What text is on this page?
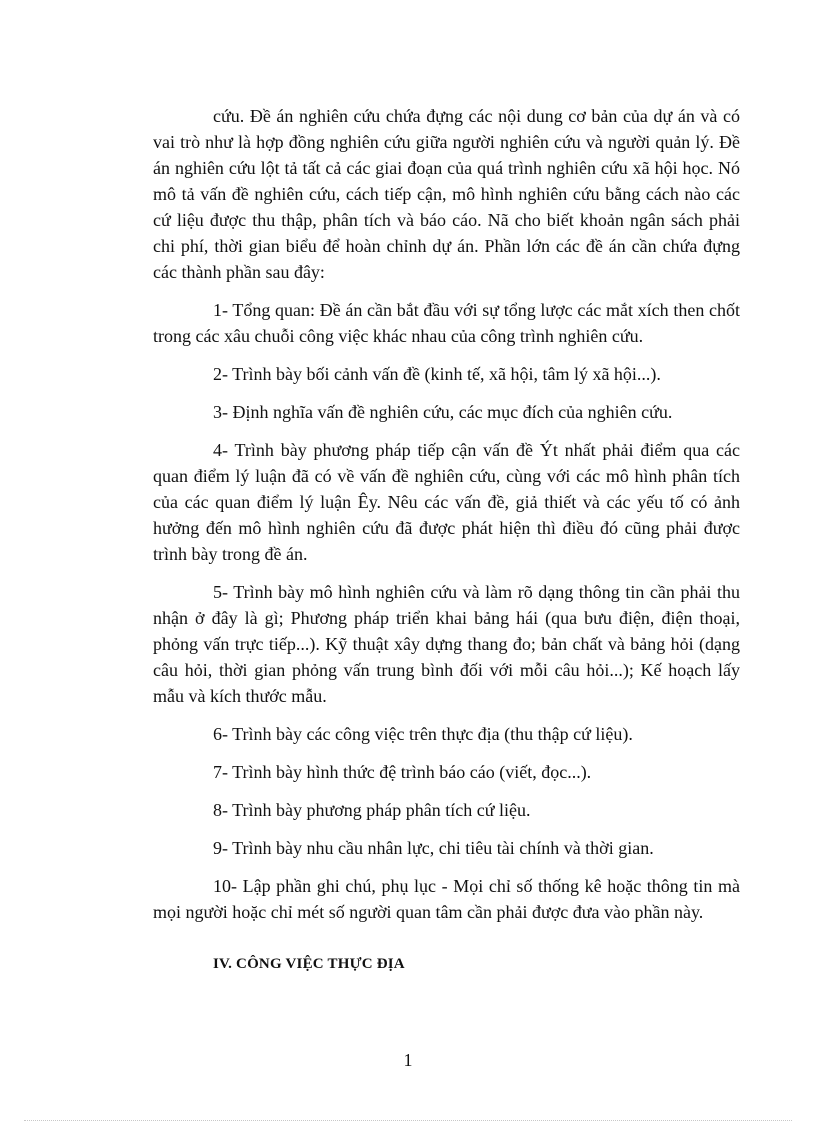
cứu. Đề án nghiên cứu chứa đựng các nội dung cơ bản của dự án và có vai trò như là hợp đồng nghiên cứu giữa người nghiên cứu và người quản lý. Đề án nghiên cứu lột tả tất cả các giai đoạn của quá trình nghiên cứu xã hội học. Nó mô tả vấn đề nghiên cứu, cách tiếp cận, mô hình nghiên cứu bằng cách nào các cứ liệu được thu thập, phân tích và báo cáo. Nã cho biết khoản ngân sách phải chi phí, thời gian biểu để hoàn chỉnh dự án. Phần lớn các đề án cần chứa đựng các thành phần sau đây:

1- Tổng quan: Đề án cần bắt đầu với sự tổng lược các mắt xích then chốt trong các xâu chuỗi công việc khác nhau của công trình nghiên cứu.

2- Trình bày bối cảnh vấn đề (kinh tế, xã hội, tâm lý xã hội...).

3- Định nghĩa vấn đề nghiên cứu, các mục đích của nghiên cứu.

4- Trình bày phương pháp tiếp cận vấn đề Ýt nhất phải điểm qua các quan điểm lý luận đã có về vấn đề nghiên cứu, cùng với các mô hình phân tích của các quan điểm lý luận Êy. Nêu các vấn đề, giả thiết và các yếu tố có ảnh hưởng đến mô hình nghiên cứu đã được phát hiện thì điều đó cũng phải được trình bày trong đề án.

5- Trình bày mô hình nghiên cứu và làm rõ dạng thông tin cần phải thu nhận ở đây là gì; Phương pháp triển khai bảng hái (qua bưu điện, điện thoại, phỏng vấn trực tiếp...). Kỹ thuật xây dựng thang đo; bản chất và bảng hỏi (dạng câu hỏi, thời gian phỏng vấn trung bình đối với mỗi câu hỏi...); Kế hoạch lấy mẫu và kích thước mẫu.

6- Trình bày các công việc trên thực địa (thu thập cứ liệu).

7- Trình bày hình thức đệ trình báo cáo (viết, đọc...).

8- Trình bày phương pháp phân tích cứ liệu.

9- Trình bày nhu cầu nhân lực, chi tiêu tài chính và thời gian.

10- Lập phần ghi chú, phụ lục - Mọi chỉ số thống kê hoặc thông tin mà mọi người hoặc chỉ mét số người quan tâm cần phải được đưa vào phần này.

IV. CÔNG VIỆC THỰC ĐỊA

1
